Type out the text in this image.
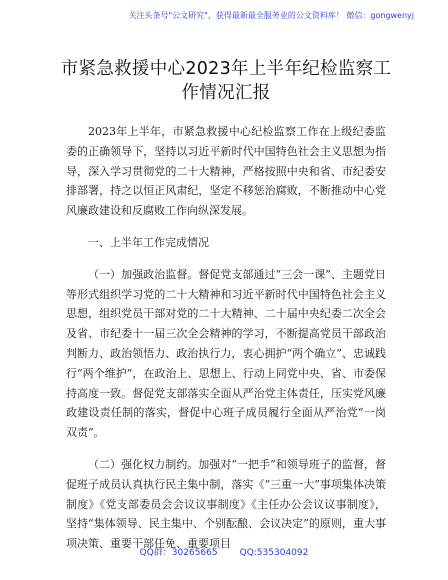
关注头条号"公文研究"，获得最新最全服务业的公文资料库！ 微信：gongwenyj
市紧急救援中心2023年上半年纪检监察工作情况汇报

2023年上半年，市紧急救援中心纪检监察工作在上级纪委监委的正确领导下，坚持以习近平新时代中国特色社会主义思想为指导，深入学习贯彻党的二十大精神，严格按照中央和省、市纪委安排部署，持之以恒正风肃纪，坚定不移惩治腐败，不断推动中心党风廉政建设和反腐败工作向纵深发展。

一、上半年工作完成情况

（一）加强政治监督。督促党支部通过“三会一课”、主题党日等形式组织学习党的二十大精神和习近平新时代中国特色社会主义思想，组织党员干部对党的二十大精神、二十届中央纪委二次全会及省、市纪委十一届三次全会精神的学习，不断提高党员干部政治判断力、政治领悟力、政治执行力，衷心拥护“两个确立”、忠诚践行“两个维护”，在政治上、思想上、行动上同党中央、省、市委保持高度一致。督促党支部落实全面从严治党主体责任，压实党风廉政建设责任制的落实，督促中心班子成员履行全面从严治党“一岗双责”。

（二）强化权力制约。加强对“一把手”和领导班子的监督，督促班子成员认真执行民主集中制，落实《“三重一大”事项集体决策制度》《党支部委员会会议议事制度》《主任办公会议议事制度》，坚持“集体领导、民主集中、个别酝酿、会议决定”的原则，重大事项决策、重要干部任免、重要项目

QQ群：30265665 QQ:535304092
